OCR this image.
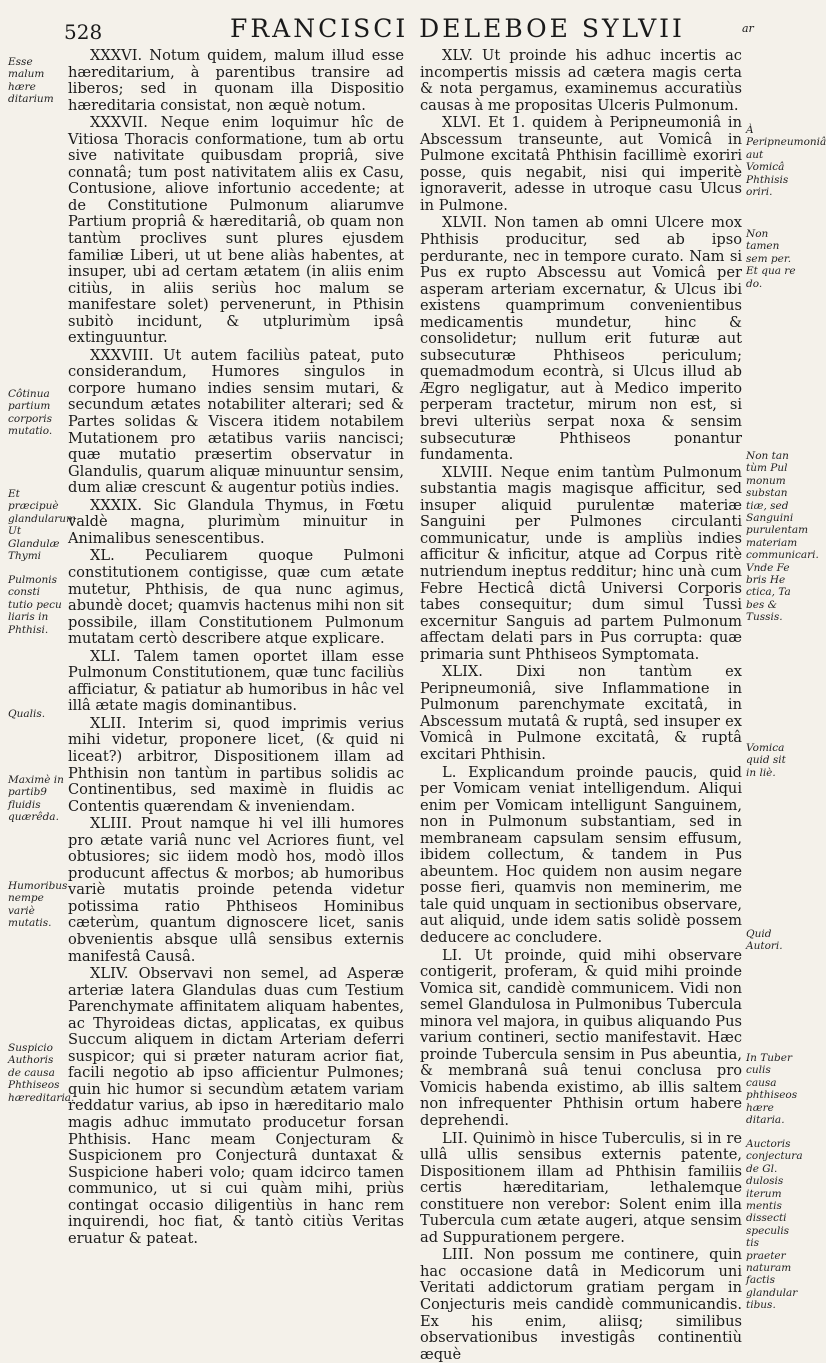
528	FRANCISCI DELEBOE SYLVII	ar
Esse malum hære ditarium
Côtinua partium corporis mutatio.
Et præcipuè glandularum Ut Glandulæ Thymi
Pulmonis consti tutio pecu liaris in Phthisi.
Qualis.
Maximè in partib9 fluidis quærêda.
Humoribus nempe variè mutatis.
Suspicio Authoris de causa Phthiseos hæreditaria.

XXXVI. Notum quidem, malum illud esse hæreditarium, à parentibus transire ad liberos; sed in quonam illa Dispositio hæreditaria consistat, non æquè notum.

XXXVII. Neque enim loquimur hîc de Vitiosa Thoracis conformatione, tum ab ortu sive nativitate quibusdam propriâ, sive connatâ; tum post nativitatem aliis ex Casu, Contusione, aliove infortunio accedente; at de Constitutione Pulmonum aliarumve Partium propriâ & hæreditariâ, ob quam non tantùm proclives sunt plures ejusdem familiæ Liberi, ut ut bene aliàs habentes, at insuper, ubi ad certam ætatem (in aliis enim citiùs, in aliis seriùs hoc malum se manifestare solet) pervenerunt, in Pthisin subitò incidunt, & utplurimùm ipsâ extinguuntur.

XXXVIII. Ut autem faciliùs pateat, puto considerandum, Humores singulos in corpore humano indies sensim mutari, & secundum ætates notabiliter alterari; sed & Partes solidas & Viscera itidem notabilem Mutationem pro ætatibus variis nancisci; quæ mutatio præsertim observatur in Glandulis, quarum aliquæ minuuntur sensim, dum aliæ crescunt & augentur potiùs indies.

XXXIX. Sic Glandula Thymus, in Fœtu valdè magna, plurimùm minuitur in Animalibus senescentibus.

XL. Peculiarem quoque Pulmoni constitutionem contigisse, quæ cum ætate mutetur, Phthisis, de qua nunc agimus, abundè docet; quamvis hactenus mihi non sit possibile, illam Constitutionem Pulmonum mutatam certò describere atque explicare.

XLI. Talem tamen oportet illam esse Pulmonum Constitutionem, quæ tunc faciliùs afficiatur, & patiatur ab humoribus in hâc vel illâ ætate magis dominantibus.

XLII. Interim si, quod imprimis verius mihi videtur, proponere licet, (& quid ni liceat?) arbitror, Dispositionem illam ad Phthisin non tantùm in partibus solidis ac Continentibus, sed maximè in fluidis ac Contentis quærendam & inveniendam.

XLIII. Prout namque hi vel illi humores pro ætate variâ nunc vel Acriores fiunt, vel obtusiores; sic iidem modò hos, modò illos producunt affectus & morbos; ab humoribus variè mutatis proinde petenda videtur potissima ratio Phthiseos Hominibus cæterùm, quantum dignoscere licet, sanis obvenientis absque ullâ sensibus externis manifestâ Causâ.

XLIV. Observavi non semel, ad Asperæ arteriæ latera Glandulas duas cum Testium Parenchymate affinitatem aliquam habentes, ac Thyroideas dictas, applicatas, ex quibus Succum aliquem in dictam Arteriam deferri suspicor; qui si præter naturam acrior fiat, facili negotio ab ipso afficientur Pulmones; quin hic humor si secundùm ætatem variam reddatur varius, ab ipso in hæreditario malo magis adhuc immutato producetur forsan Phthisis. Hanc meam Conjecturam & Suspicionem pro Conjecturâ duntaxat & Suspicione haberi volo; quam idcirco tamen communico, ut si cui quàm mihi, priùs contingat occasio diligentiùs in hanc rem inquirendi, hoc fiat, & tantò citiùs Veritas eruatur & pateat.

XLV. Ut proinde his adhuc incertis ac incompertis missis ad cætera magis certa & nota pergamus, examinemus accuratiùs causas à me propositas Ulceris Pulmonum.

XLVI. Et 1. quidem à Peripneumoniâ in Abscessum transeunte, aut Vomicâ in Pulmone excitatâ Phthisin facillimè exoriri posse, quis negabit, nisi qui imperitè ignoraverit, adesse in utroque casu Ulcus in Pulmone.

XLVII. Non tamen ab omni Ulcere mox Phthisis producitur, sed ab ipso perdurante, nec in tempore curato. Nam si Pus ex rupto Abscessu aut Vomicâ per asperam arteriam excernatur, & Ulcus ibi existens quamprimum convenientibus medicamentis mundetur, hinc & consolidetur; nullum erit futuræ aut subsecuturæ Phthiseos periculum; quemadmodum econtrà, si Ulcus illud ab Ægro negligatur, aut à Medico imperito perperam tractetur, mirum non est, si brevi ulteriùs serpat noxa & sensim subsecuturæ Phthiseos ponantur fundamenta.

XLVIII. Neque enim tantùm Pulmonum substantia magis magisque afficitur, sed insuper aliquid purulentæ materiæ Sanguini per Pulmones circulanti communicatur, unde is ampliùs indies afficitur & inficitur, atque ad Corpus ritè nutriendum ineptus redditur; hinc unà cum Febre Hecticâ dictâ Universi Corporis tabes consequitur; dum simul Tussi excernitur Sanguis ad partem Pulmonum affectam delati pars in Pus corrupta: quæ primaria sunt Phthiseos Symptomata.

XLIX. Dixi non tantùm ex Peripneumoniâ, sive Inflammatione in Pulmonum parenchymate excitatâ, in Abscessum mutatâ & ruptâ, sed insuper ex Vomicâ in Pulmone excitatâ, & ruptâ excitari Phthisin.

L. Explicandum proinde paucis, quid per Vomicam veniat intelligendum. Aliqui enim per Vomicam intelligunt Sanguinem, non in Pulmonum substantiam, sed in membraneam capsulam sensim effusum, ibidem collectum, & tandem in Pus abeuntem. Hoc quidem non ausim negare posse fieri, quamvis non meminerim, me tale quid unquam in sectionibus observare, aut aliquid, unde idem satis solidè possem deducere ac concludere.

LI. Ut proinde, quid mihi observare contigerit, proferam, & quid mihi proinde Vomica sit, candidè communicem. Vidi non semel Glandulosa in Pulmonibus Tubercula minora vel majora, in quibus aliquando Pus varium contineri, sectio manifestavit. Hæc proinde Tubercula sensim in Pus abeuntia, & membranâ suâ tenui conclusa pro Vomicis habenda existimo, ab illis saltem non infrequenter Phthisin ortum habere deprehendi.

LII. Quinimò in hisce Tuberculis, si in re ullâ ullis sensibus externis patente, Dispositionem illam ad Phthisin familiis certis hæreditariam, lethalemque constituere non verebor: Solent enim illa Tubercula cum ætate augeri, atque sensim ad Suppurationem pergere.

LIII. Non possum me continere, quin hac occasione datâ in Medicorum uni Veritati addictorum gratiam pergam in Conjecturis meis candidè communicandis. Ex his enim, aliisq; similibus observationibus investigâs continentiù æquè

À Peripneumoniâ aut Vomicâ Phthisis oriri.
Non tamen sem per. Et qua re do.
Non tan tùm Pul monum substan tiæ, sed Sanguini purulentam materiam communicari. Vnde Fe bris He ctica, Ta bes & Tussis.
Vomica quid sit in liè.
Quid Autori.
In Tuber culis causa phthiseos hære ditaria.
Auctoris conjectura de Gl. dulosis iterum mentis dissecti speculis tis praeter naturam factis glandular tibus.
